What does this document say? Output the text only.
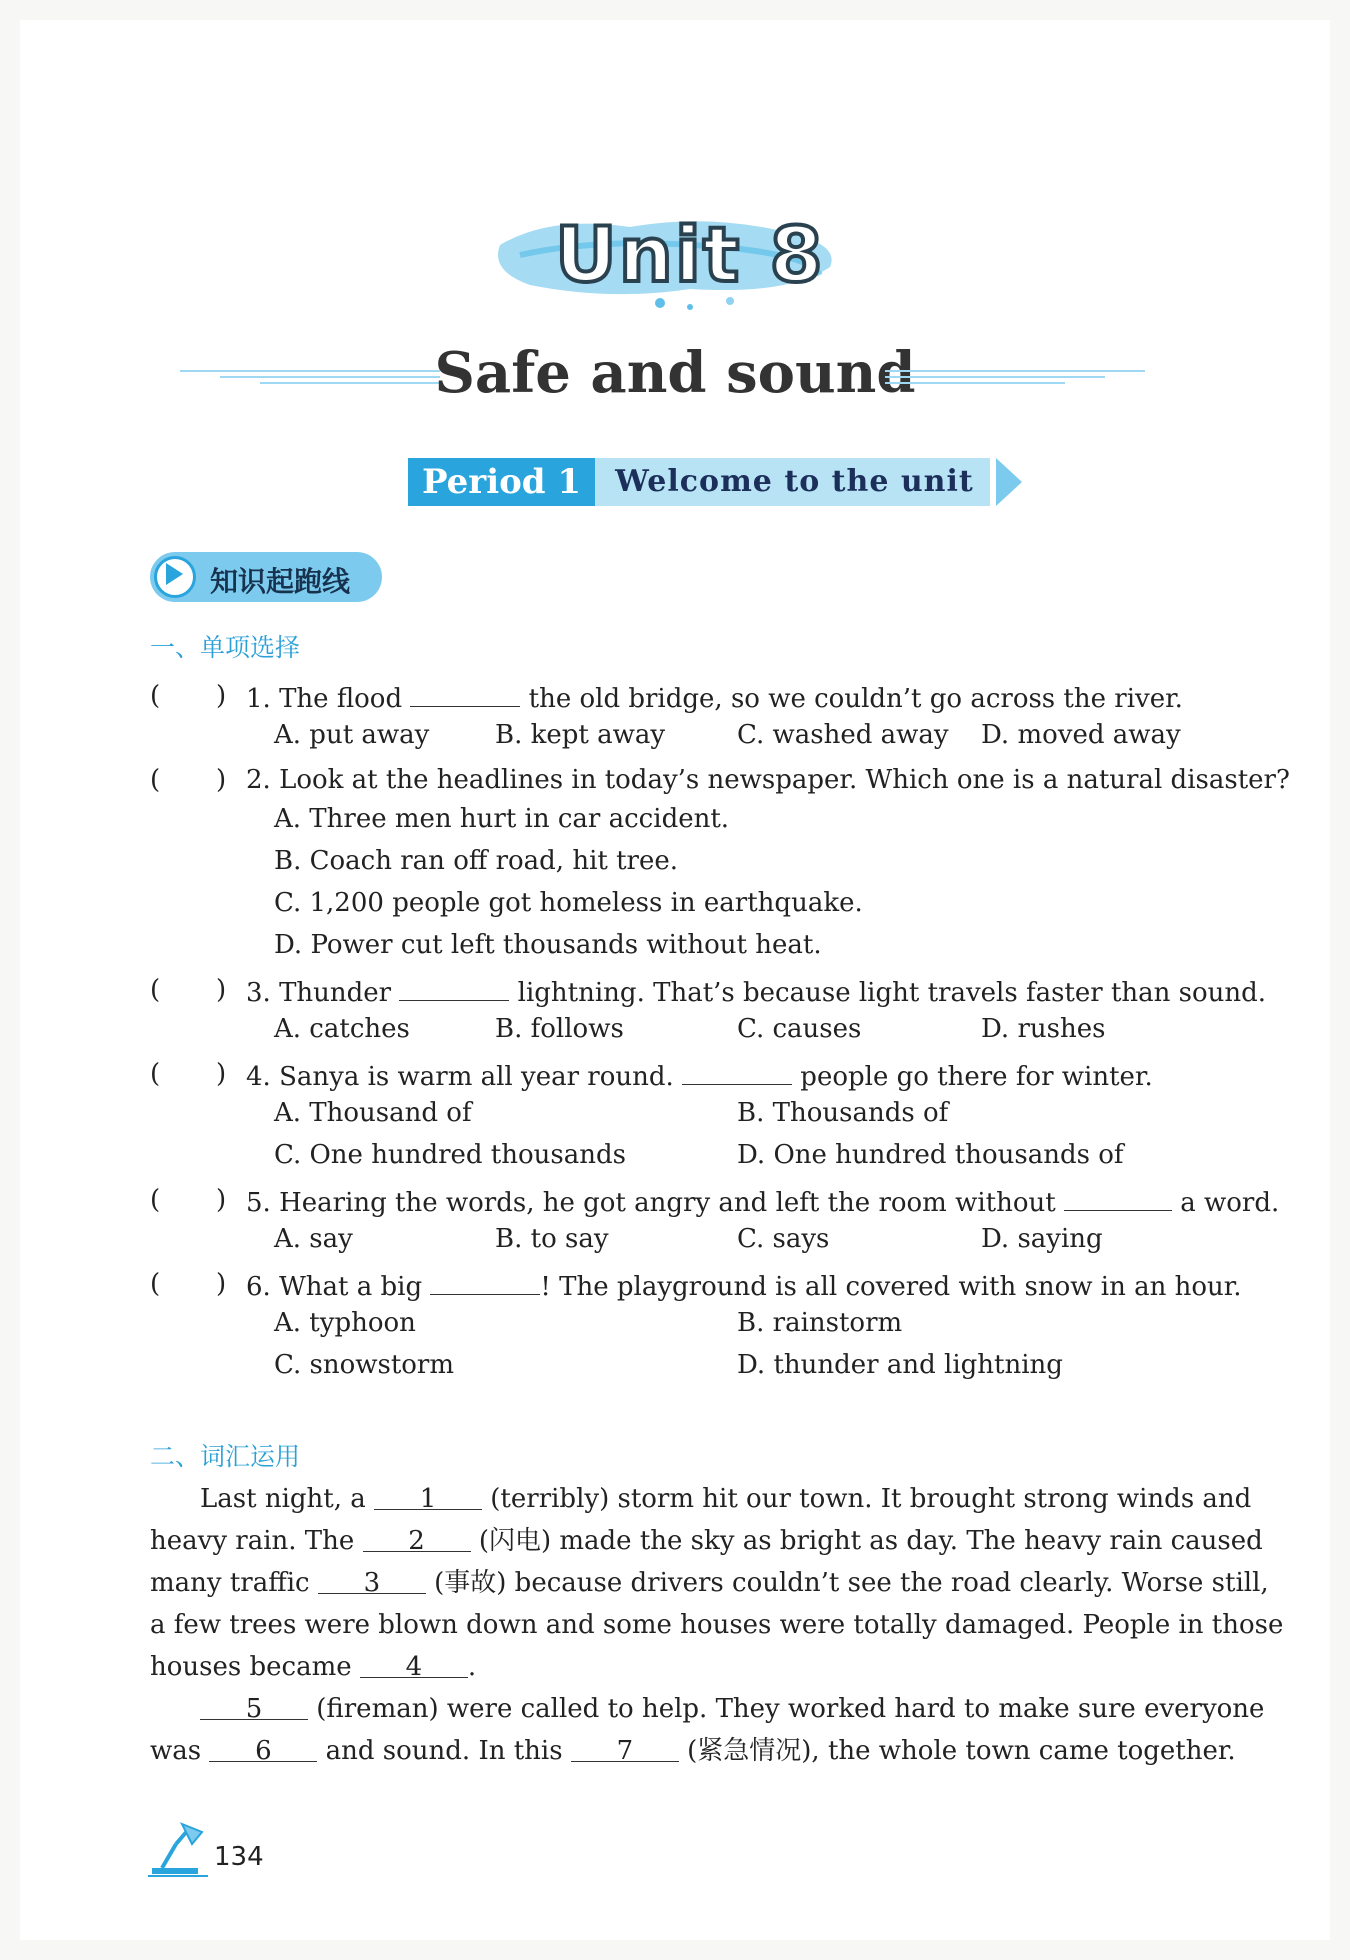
Unit 8
Safe and sound
Period 1	Welcome to the unit
知识起跑线
一、单项选择
( ) 1. The flood	the old bridge, so we couldn’t go across the river.
A. put away	B. kept away	C. washed away D. moved away
( ) 2. Look at the headlines in today’s newspaper. Which one is a natural disaster?
A. Three men hurt in car accident.
B. Coach ran off road, hit tree.
C. 1,200 people got homeless in earthquake.
D. Power cut left thousands without heat.
( ) 3. Thunder	lightning. That’s because light travels faster than sound.
A. catches	B. follows	C. causes	D. rushes
( ) 4. Sanya is warm all year round.	people go there for winter.
A. Thousand of	B. Thousands of
C. One hundred thousands	D. One hundred thousands of
( ) 5. Hearing the words, he got angry and left the room without	a word.
A. say	B. to say	C. says	D. saying
( ) 6. What a big	! The playground is all covered with snow in an hour.
A. typhoon	B. rainstorm
C. snowstorm	D. thunder and lightning
二、词汇运用
Last night, a 1 (terribly) storm hit our town. It brought strong winds and
heavy rain. The 2 (闪电) made the sky as bright as day. The heavy rain caused
many traffic 3 (事故) because drivers couldn’t see the road clearly. Worse still,
a few trees were blown down and some houses were totally damaged. People in those
houses became 4 .
5 (fireman) were called to help. They worked hard to make sure everyone
was 6 and sound. In this 7 (紧急情况), the whole town came together.
134
